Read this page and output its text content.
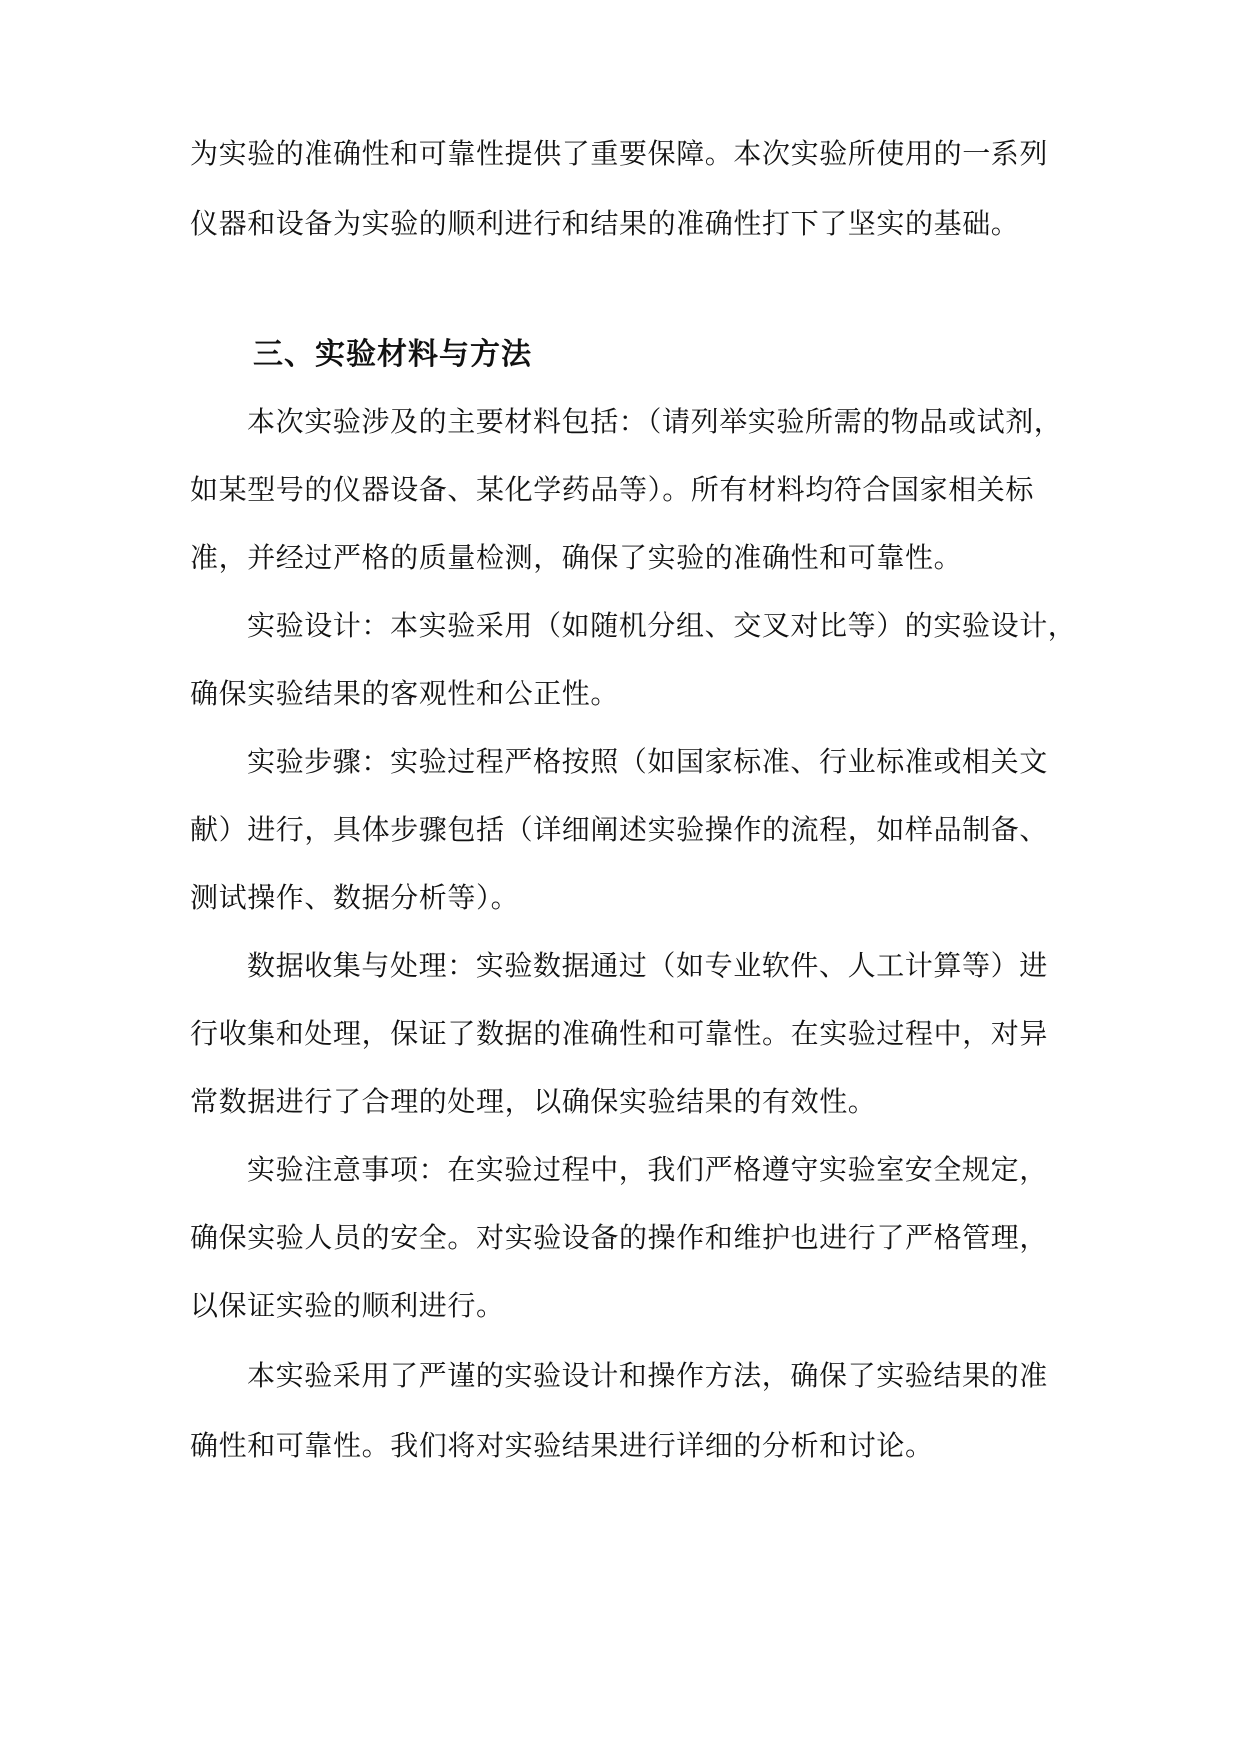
为实验的准确性和可靠性提供了重要保障。本次实验所使用的一系列
仪器和设备为实验的顺利进行和结果的准确性打下了坚实的基础。
三、实验材料与方法
本次实验涉及的主要材料包括：（请列举实验所需的物品或试剂，
如某型号的仪器设备、某化学药品等）。所有材料均符合国家相关标
准，并经过严格的质量检测，确保了实验的准确性和可靠性。
实验设计：本实验采用（如随机分组、交叉对比等）的实验设计，
确保实验结果的客观性和公正性。
实验步骤：实验过程严格按照（如国家标准、行业标准或相关文
献）进行，具体步骤包括（详细阐述实验操作的流程，如样品制备、
测试操作、数据分析等）。
数据收集与处理：实验数据通过（如专业软件、人工计算等）进
行收集和处理，保证了数据的准确性和可靠性。在实验过程中，对异
常数据进行了合理的处理，以确保实验结果的有效性。
实验注意事项：在实验过程中，我们严格遵守实验室安全规定，
确保实验人员的安全。对实验设备的操作和维护也进行了严格管理，
以保证实验的顺利进行。
本实验采用了严谨的实验设计和操作方法，确保了实验结果的准
确性和可靠性。我们将对实验结果进行详细的分析和讨论。
